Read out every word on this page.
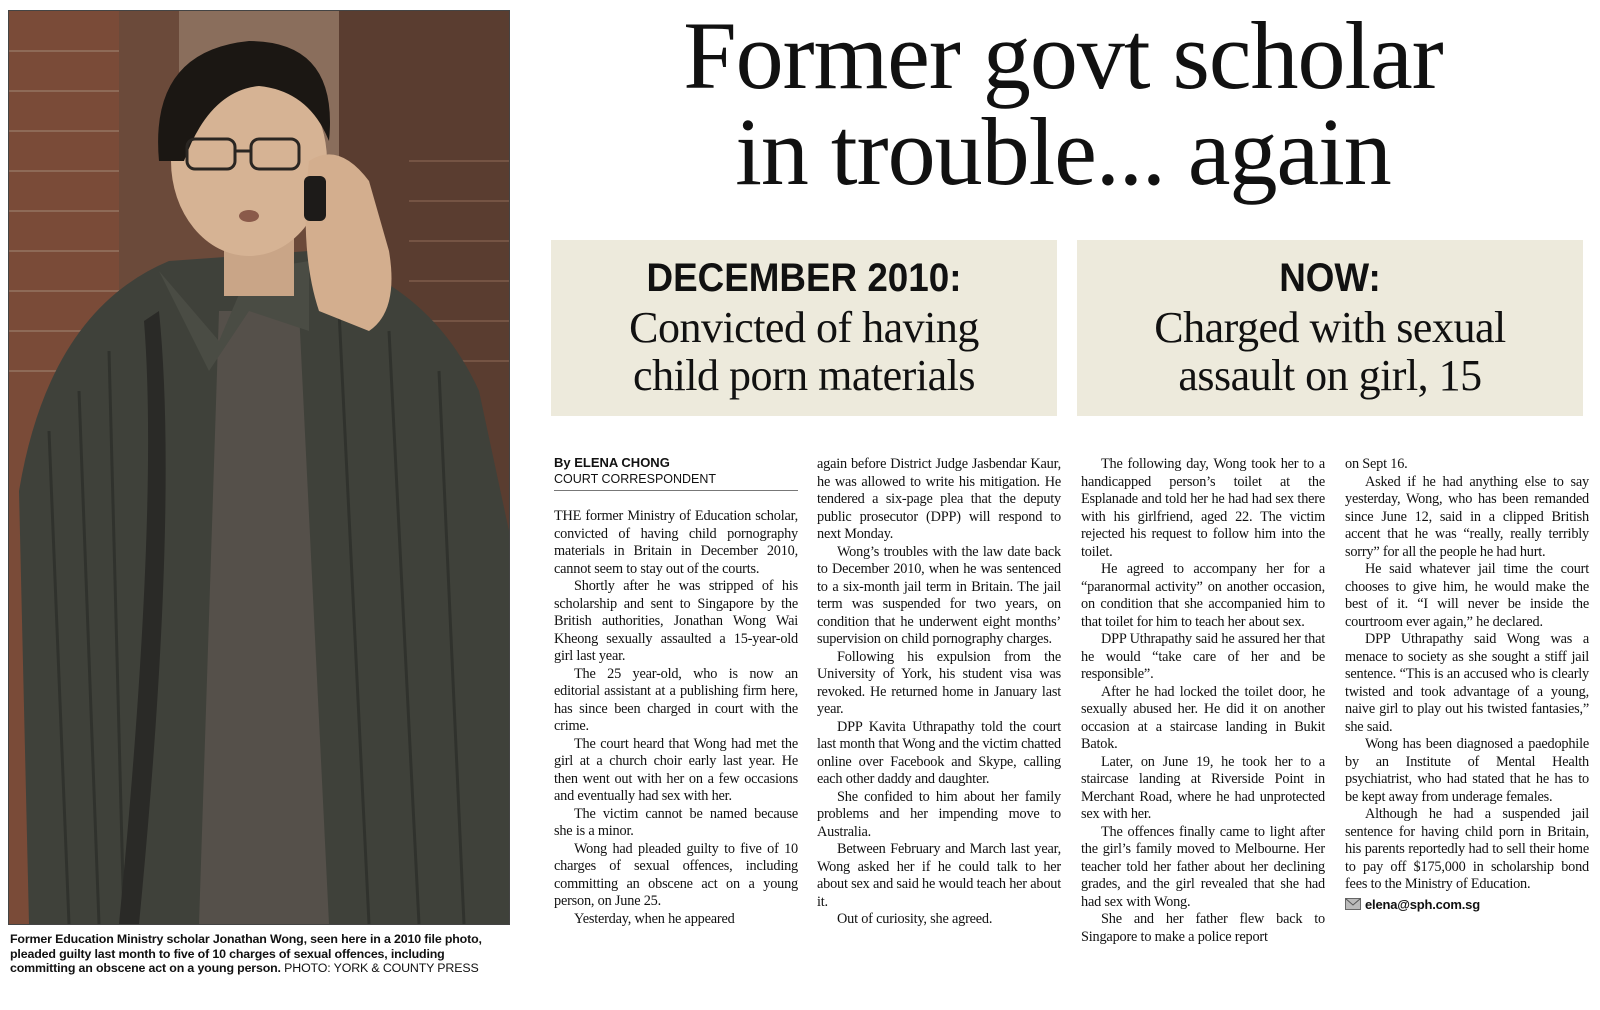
Former Education Ministry scholar Jonathan Wong, seen here in a 2010 file photo, pleaded guilty last month to five of 10 charges of sexual offences, including committing an obscene act on a young person. PHOTO: YORK & COUNTY PRESS
Former govt scholar
in trouble... again
DECEMBER 2010:
Convicted of having
child porn materials
NOW:
Charged with sexual
assault on girl, 15
By ELENA CHONG
COURT CORRESPONDENT

THE former Ministry of Education scholar, convicted of having child pornography materials in Britain in December 2010, cannot seem to stay out of the courts.

Shortly after he was stripped of his scholarship and sent to Singapore by the British authorities, Jonathan Wong Wai Kheong sexually assaulted a 15-year-old girl last year.

The 25 year-old, who is now an editorial assistant at a publishing firm here, has since been charged in court with the crime.

The court heard that Wong had met the girl at a church choir early last year. He then went out with her on a few occasions and eventually had sex with her.

The victim cannot be named because she is a minor.

Wong had pleaded guilty to five of 10 charges of sexual offences, including committing an obscene act on a young person, on June 25.

Yesterday, when he appeared

again before District Judge Jasbendar Kaur, he was allowed to write his mitigation. He tendered a six-page plea that the deputy public prosecutor (DPP) will respond to next Monday.

Wong’s troubles with the law date back to December 2010, when he was sentenced to a six-month jail term in Britain. The jail term was suspended for two years, on condition that he underwent eight months’ supervision on child pornography charges.

Following his expulsion from the University of York, his student visa was revoked. He returned home in January last year.

DPP Kavita Uthrapathy told the court last month that Wong and the victim chatted online over Facebook and Skype, calling each other daddy and daughter.

She confided to him about her family problems and her impending move to Australia.

Between February and March last year, Wong asked her if he could talk to her about sex and said he would teach her about it.

Out of curiosity, she agreed.

The following day, Wong took her to a handicapped person’s toilet at the Esplanade and told her he had had sex there with his girlfriend, aged 22. The victim rejected his request to follow him into the toilet.

He agreed to accompany her for a “paranormal activity” on another occasion, on condition that she accompanied him to that toilet for him to teach her about sex.

DPP Uthrapathy said he assured her that he would “take care of her and be responsible”.

After he had locked the toilet door, he sexually abused her. He did it on another occasion at a staircase landing in Bukit Batok.

Later, on June 19, he took her to a staircase landing at Riverside Point in Merchant Road, where he had unprotected sex with her.

The offences finally came to light after the girl’s family moved to Melbourne. Her teacher told her father about her declining grades, and the girl revealed that she had had sex with Wong.

She and her father flew back to Singapore to make a police report

on Sept 16.

Asked if he had anything else to say yesterday, Wong, who has been remanded since June 12, said in a clipped British accent that he was “really, really terribly sorry” for all the people he had hurt.

He said whatever jail time the court chooses to give him, he would make the best of it. “I will never be inside the courtroom ever again,” he declared.

DPP Uthrapathy said Wong was a menace to society as she sought a stiff jail sentence. “This is an accused who is clearly twisted and took advantage of a young, naive girl to play out his twisted fantasies,” she said.

Wong has been diagnosed a paedophile by an Institute of Mental Health psychiatrist, who had stated that he has to be kept away from underage females.

Although he had a suspended jail sentence for having child porn in Britain, his parents reportedly had to sell their home to pay off $175,000 in scholarship bond fees to the Ministry of Education.

elena@sph.com.sg
